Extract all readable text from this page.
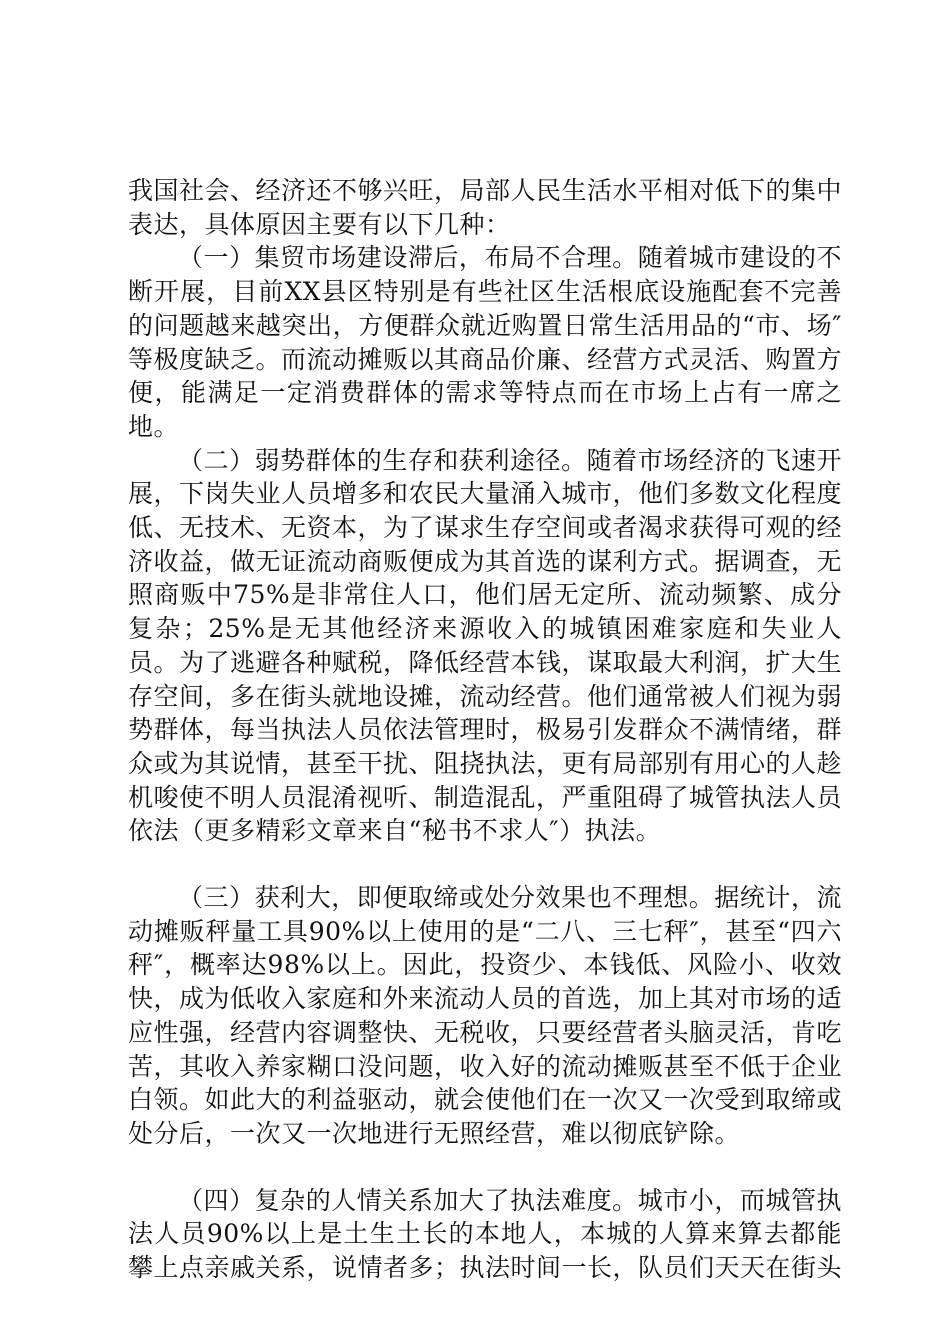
我国社会、经济还不够兴旺，局部人民生活水平相对低下的集中表达，具体原因主要有以下几种：

（一）集贸市场建设滞后，布局不合理。随着城市建设的不断开展，目前XX县区特别是有些社区生活根底设施配套不完善的问题越来越突出，方便群众就近购置日常生活用品的“市、场″等极度缺乏。而流动摊贩以其商品价廉、经营方式灵活、购置方便，能满足一定消费群体的需求等特点而在市场上占有一席之地。

（二）弱势群体的生存和获利途径。随着市场经济的飞速开展，下岗失业人员增多和农民大量涌入城市，他们多数文化程度低、无技术、无资本，为了谋求生存空间或者渴求获得可观的经济收益，做无证流动商贩便成为其首选的谋利方式。据调查，无照商贩中75%是非常住人口，他们居无定所、流动频繁、成分复杂；25%是无其他经济来源收入的城镇困难家庭和失业人员。为了逃避各种赋税，降低经营本钱，谋取最大利润，扩大生存空间，多在街头就地设摊，流动经营。他们通常被人们视为弱势群体，每当执法人员依法管理时，极易引发群众不满情绪，群众或为其说情，甚至干扰、阻挠执法，更有局部别有用心的人趁机唆使不明人员混淆视听、制造混乱，严重阻碍了城管执法人员依法（更多精彩文章来自“秘书不求人″）执法。

（三）获利大，即便取缔或处分效果也不理想。据统计，流动摊贩秤量工具90%以上使用的是“二八、三七秤″，甚至“四六秤″，概率达98%以上。因此，投资少、本钱低、风险小、收效快，成为低收入家庭和外来流动人员的首选，加上其对市场的适应性强，经营内容调整快、无税收，只要经营者头脑灵活，肯吃苦，其收入养家糊口没问题，收入好的流动摊贩甚至不低于企业白领。如此大的利益驱动，就会使他们在一次又一次受到取缔或处分后，一次又一次地进行无照经营，难以彻底铲除。

（四）复杂的人情关系加大了执法难度。城市小，而城管执法人员90%以上是土生土长的本地人，本城的人算来算去都能攀上点亲戚关系，说情者多；执法时间一长，队员们天天在街头
